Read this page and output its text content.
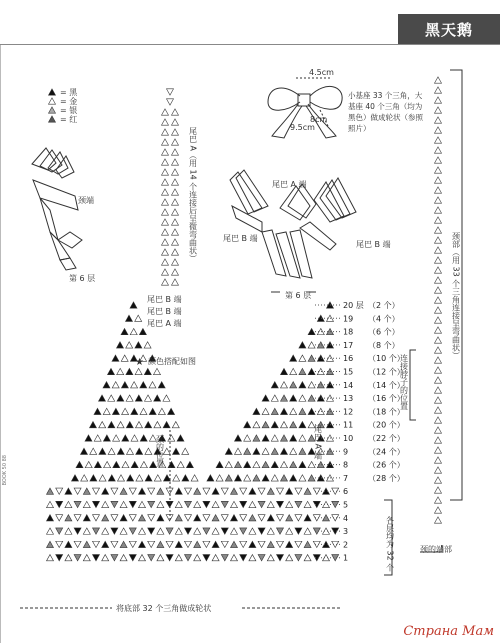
黑天鹅
= 黑
= 金
= 银
= 红
颈端
第 6 层
尾巴 A（用 14 个连接后呈微弯曲状）
尾巴 B 端
尾巴 B 端
尾巴 A 端
尾巴 A 端
尾巴 B 端
尾巴 B 端
第 6 层
4.5cm
8cm
9.5cm
小基座 33 个三角，大基座 40 个三角（均为黑色）做成轮状（参照照片）
20 层 （2 个）
19 （4 个）
18 （6 个）
17 （8 个）
16 （10 个）
15 （12 个）
14 （14 个）
13 （16 个）
12 （18 个）
11 （20 个）
10 （22 个）
9 （24 个）
8 （26 个）
7 （28 个）
6
5
4
3
2
1
★ 颜色搭配如图
颈的位置	尾巴 A 端
颈部（用 33 个三角连接呈弯曲状）
连接脖子的位置
各层均为 32 个	颈的端部
将底部 32 个三角做成轮状
BOOK 50 88
Страна Мам
